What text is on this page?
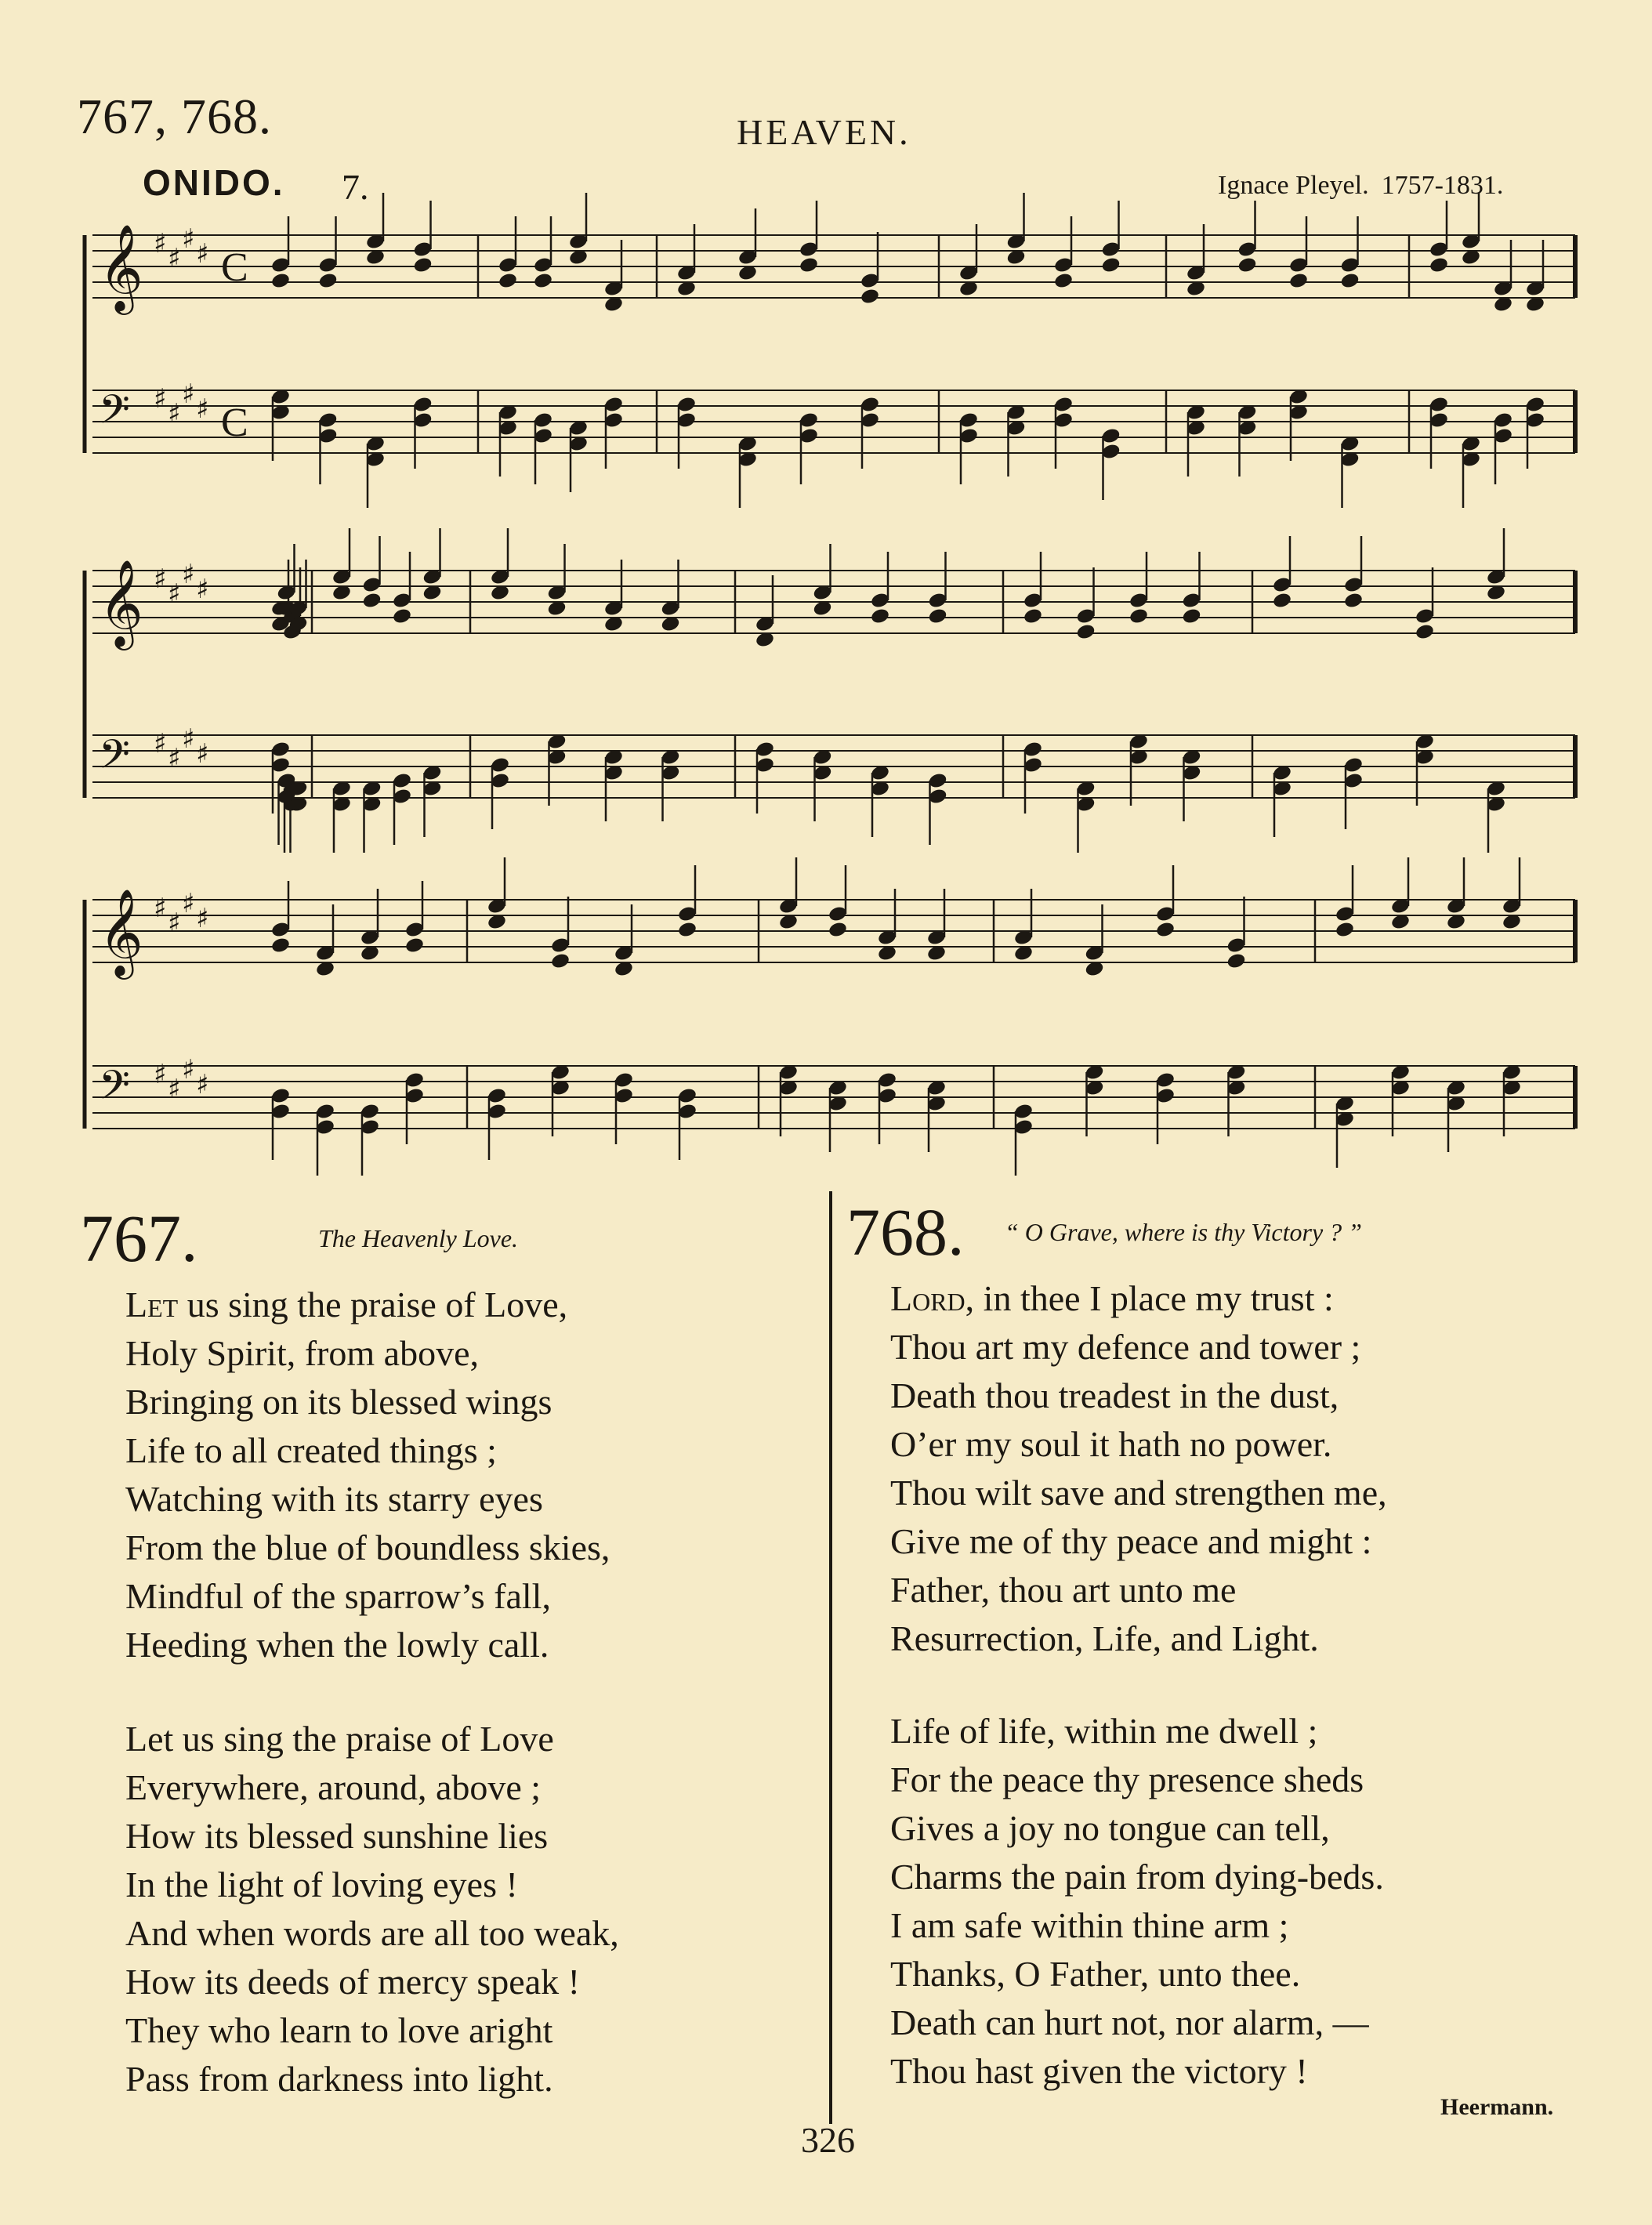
767, 768.	HEAVEN.
ONIDO. 7.	Ignace Pleyel. 1757-1831.
𝄞 ♯ ♯
♯ ♯ C
𝄢 ♯ ♯
♯ ♯ C
𝄞 ♯ ♯
♯ ♯
𝄢 ♯ ♯
♯ ♯
𝄞 ♯ ♯
♯ ♯
𝄢 ♯ ♯
♯ ♯
767.	The Heavenly Love.
Let us sing the praise of Love,
Holy Spirit, from above,
Bringing on its blessed wings
Life to all created things ;
Watching with its starry eyes
From the blue of boundless skies,
Mindful of the sparrow’s fall,
Heeding when the lowly call.
Let us sing the praise of Love
Everywhere, around, above ;
How its blessed sunshine lies
In the light of loving eyes !
And when words are all too weak,
How its deeds of mercy speak !
They who learn to love aright
Pass from darkness into light.
768. “ O Grave, where is thy Victory ? ”
Lord, in thee I place my trust :
Thou art my defence and tower ;
Death thou treadest in the dust,
O’er my soul it hath no power.
Thou wilt save and strengthen me,
Give me of thy peace and might :
Father, thou art unto me
Resurrection, Life, and Light.
Life of life, within me dwell ;
For the peace thy presence sheds
Gives a joy no tongue can tell,
Charms the pain from dying-beds.
I am safe within thine arm ;
Thanks, O Father, unto thee.
Death can hurt not, nor alarm, —
Thou hast given the victory !
Heermann.
326
